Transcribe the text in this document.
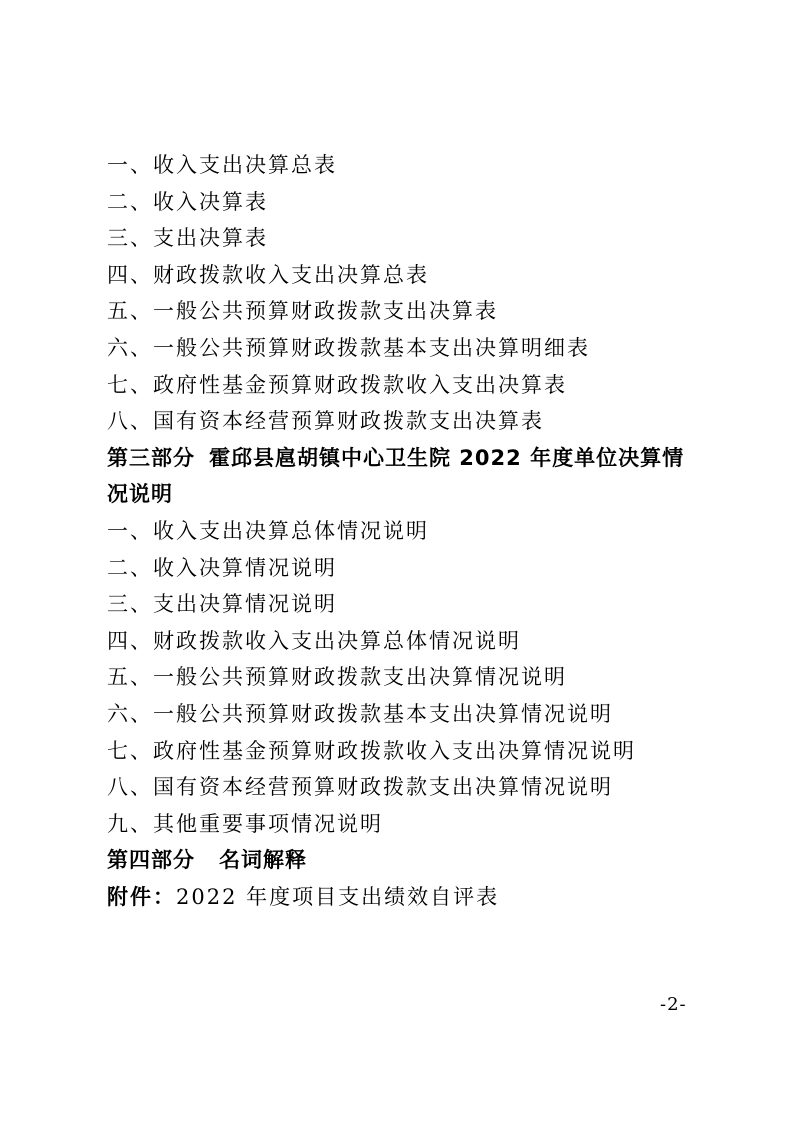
一、收入支出决算总表
二、收入决算表
三、支出决算表
四、财政拨款收入支出决算总表
五、一般公共预算财政拨款支出决算表
六、一般公共预算财政拨款基本支出决算明细表
七、政府性基金预算财政拨款收入支出决算表
八、国有资本经营预算财政拨款支出决算表
第三部分 霍邱县扈胡镇中心卫生院 2022 年度单位决算情况说明
一、收入支出决算总体情况说明
二、收入决算情况说明
三、支出决算情况说明
四、财政拨款收入支出决算总体情况说明
五、一般公共预算财政拨款支出决算情况说明
六、一般公共预算财政拨款基本支出决算情况说明
七、政府性基金预算财政拨款收入支出决算情况说明
八、国有资本经营预算财政拨款支出决算情况说明
九、其他重要事项情况说明
第四部分 名词解释
附件：2022 年度项目支出绩效自评表
-2-
